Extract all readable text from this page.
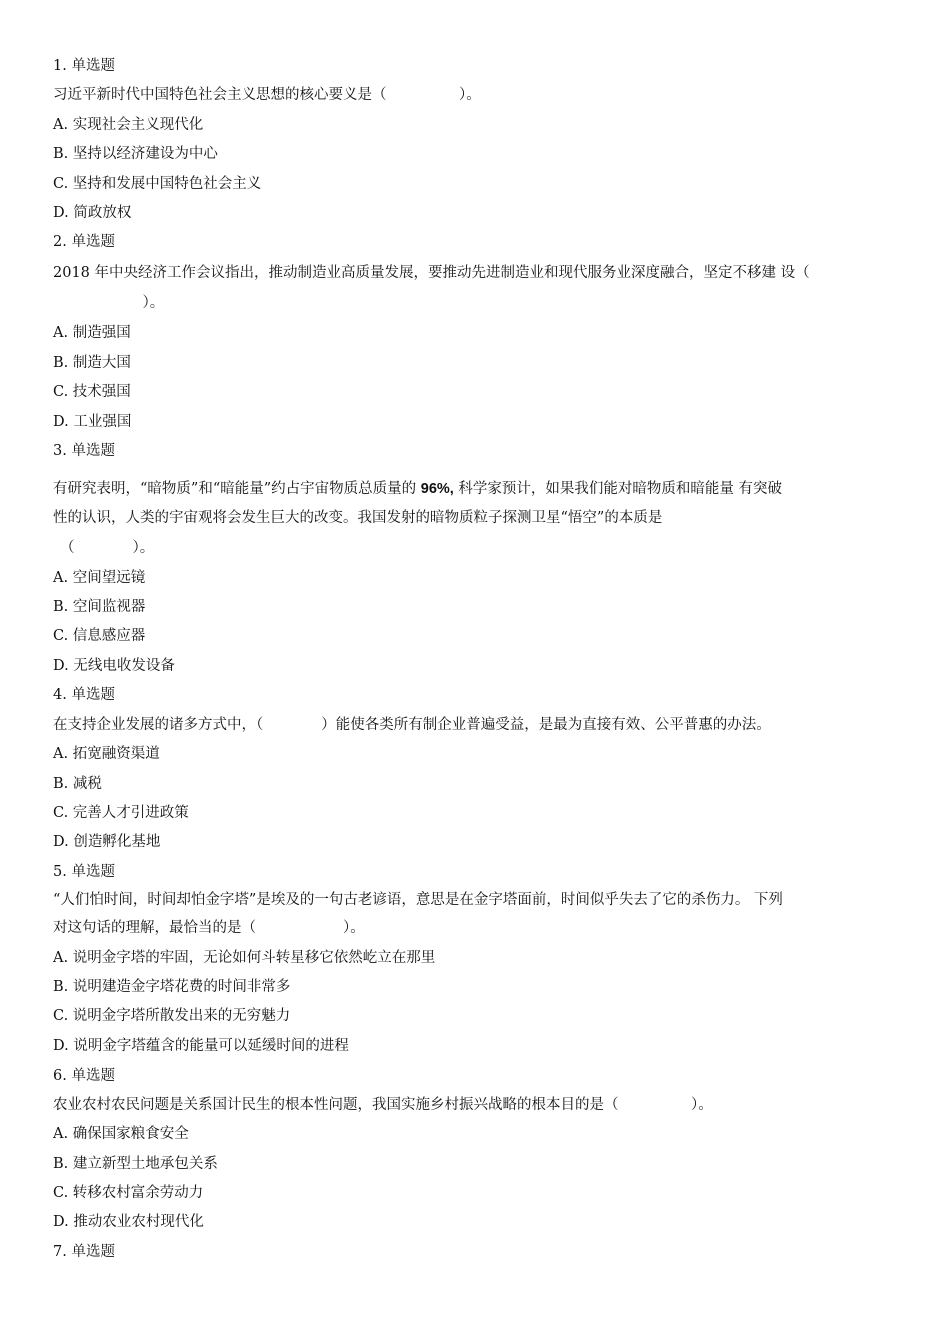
1. 单选题
习近平新时代中国特色社会主义思想的核心要义是（　　　　　）。
A. 实现社会主义现代化
B. 坚持以经济建设为中心
C. 坚持和发展中国特色社会主义
D. 简政放权
2. 单选题
2018 年中央经济工作会议指出，推动制造业高质量发展，要推动先进制造业和现代服务业深度融合，坚定不移建 设（
　　　　　）。
A. 制造强国
B. 制造大国
C. 技术强国
D. 工业强国
3. 单选题
有研究表明，“暗物质”和“暗能量”约占宇宙物质总质量的 96%, 科学家预计，如果我们能对暗物质和暗能量 有突破
性的认识，人类的宇宙观将会发生巨大的改变。我国发射的暗物质粒子探测卫星“悟空”的本质是
（　　　　）。
A. 空间望远镜
B. 空间监视器
C. 信息感应器
D. 无线电收发设备
4. 单选题
在支持企业发展的诸多方式中，（　　　　）能使各类所有制企业普遍受益，是最为直接有效、公平普惠的办法。
A. 拓宽融资渠道
B. 减税
C. 完善人才引进政策
D. 创造孵化基地
5. 单选题
“人们怕时间，时间却怕金字塔”是埃及的一句古老谚语，意思是在金字塔面前，时间似乎失去了它的杀伤力。 下列
对这句话的理解，最恰当的是（　　　　　　）。
A. 说明金字塔的牢固，无论如何斗转星移它依然屹立在那里
B. 说明建造金字塔花费的时间非常多
C. 说明金字塔所散发出来的无穷魅力
D. 说明金字塔蕴含的能量可以延缓时间的进程
6. 单选题
农业农村农民问题是关系国计民生的根本性问题，我国实施乡村振兴战略的根本目的是（　　　　　）。
A. 确保国家粮食安全
B. 建立新型土地承包关系
C. 转移农村富余劳动力
D. 推动农业农村现代化
7. 单选题
